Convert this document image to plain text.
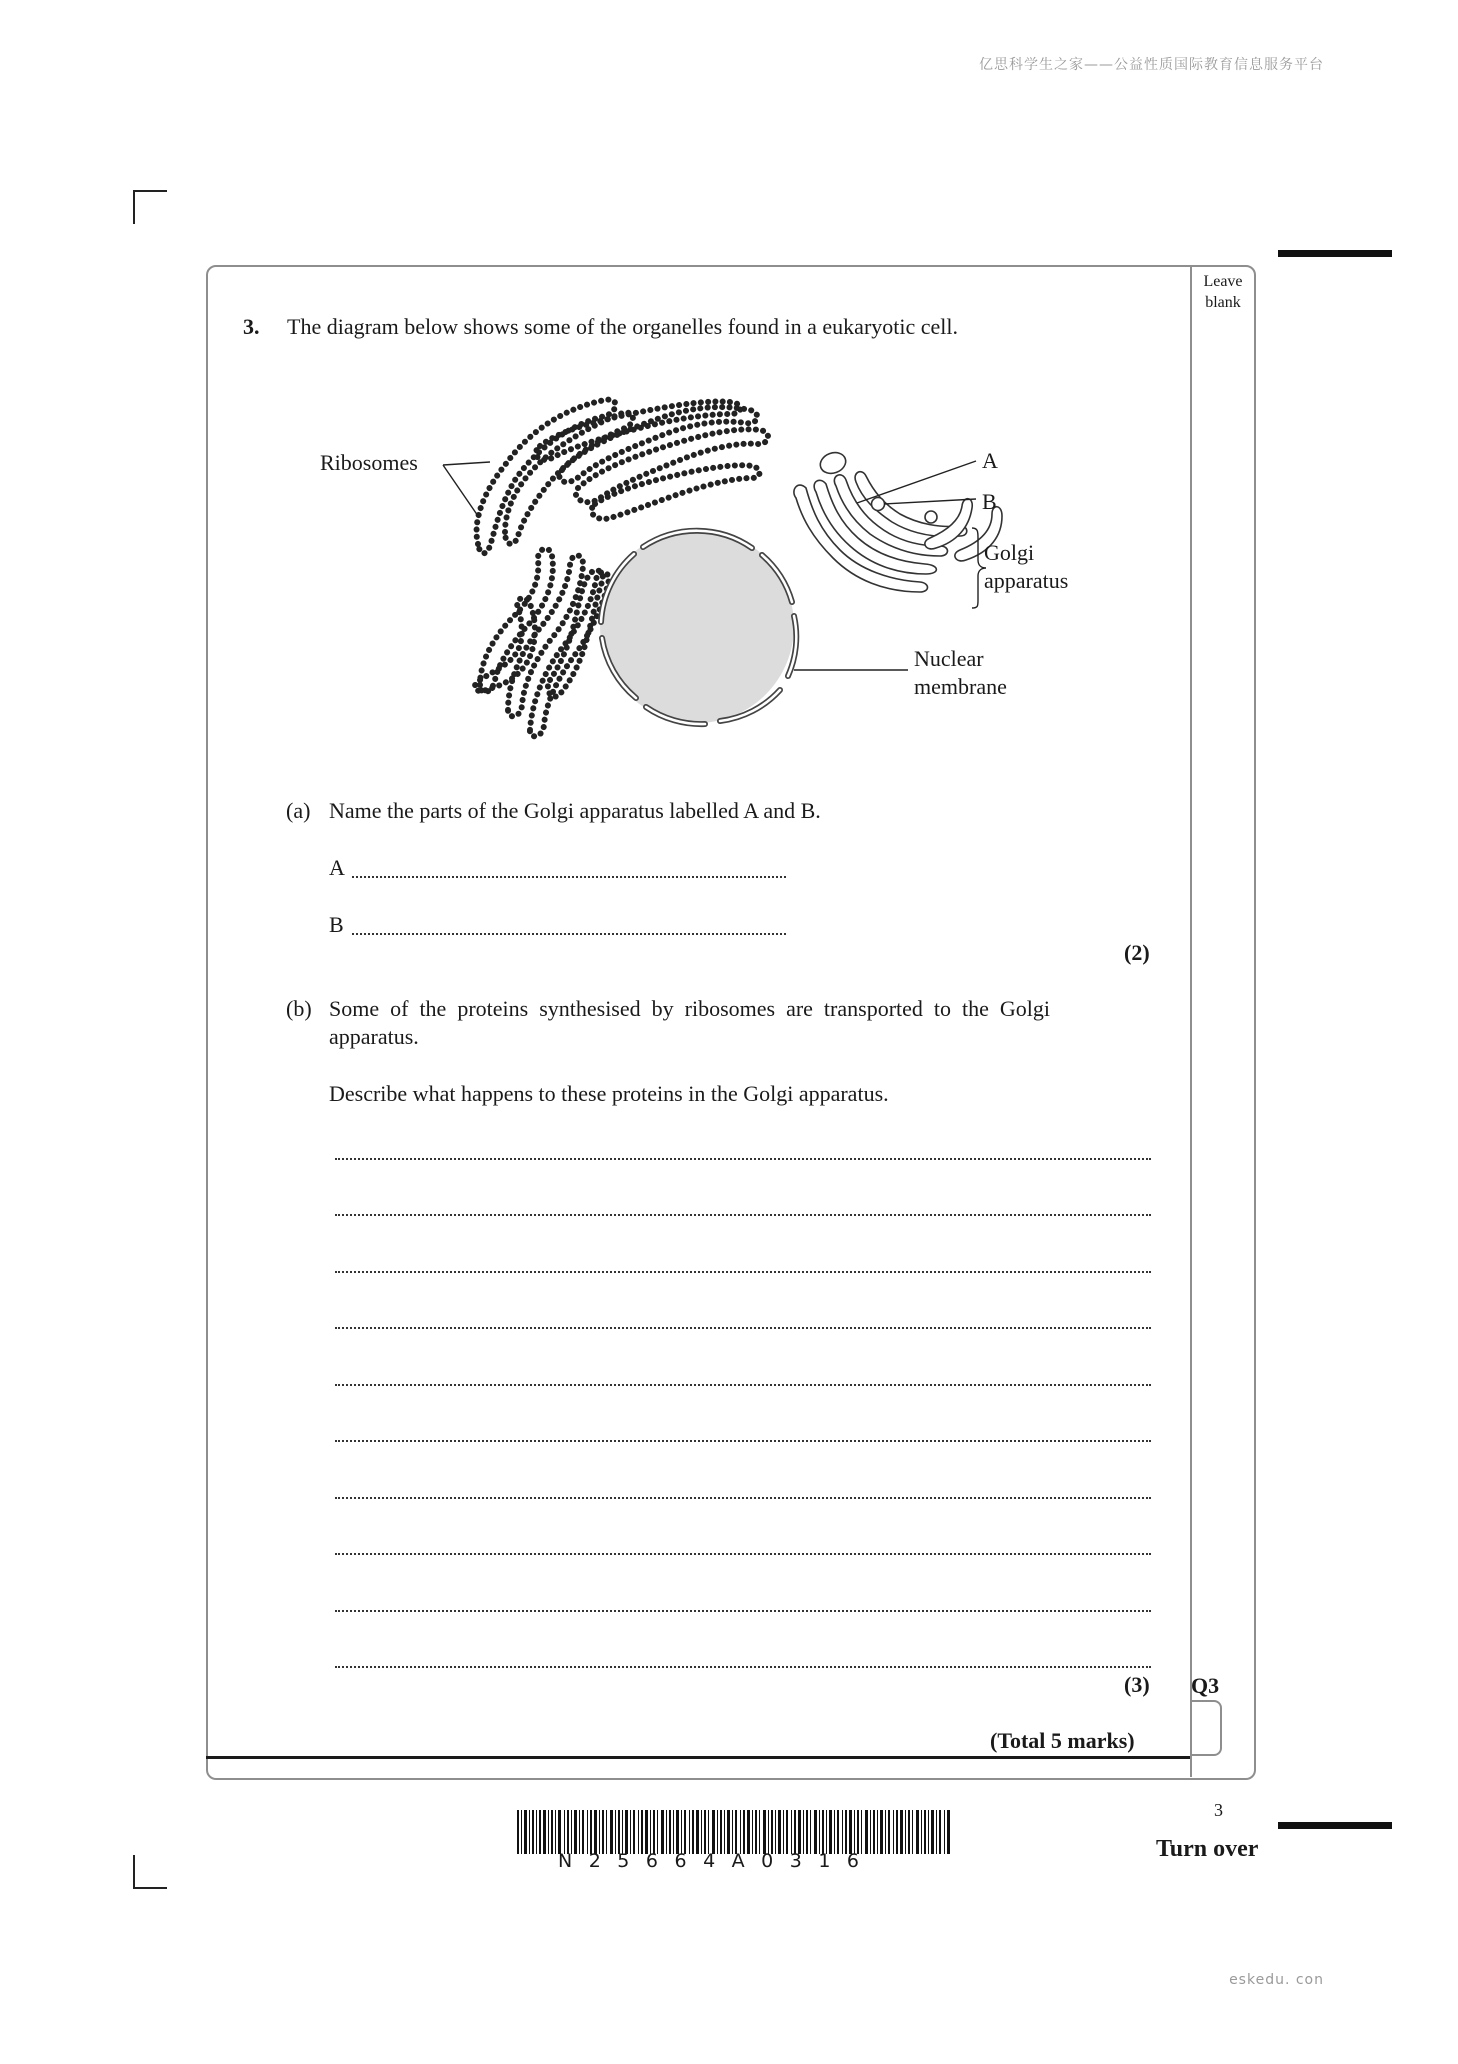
亿思科学生之家——公益性质国际教育信息服务平台
Leave
blank
3. The diagram below shows some of the organelles found in a eukaryotic cell.
Ribosomes	A
B
Golgi
apparatus
Nuclear
membrane
(a) Name the parts of the Golgi apparatus labelled A and B.
A
B
(2)
(b) Some  of  the  proteins  synthesised  by  ribosomes  are  transported  to  the  Golgi
apparatus.
Describe what happens to these proteins in the Golgi apparatus.
(3) Q3
(Total 5 marks)
3
Turn over
N25664A0316
eskedu. con
